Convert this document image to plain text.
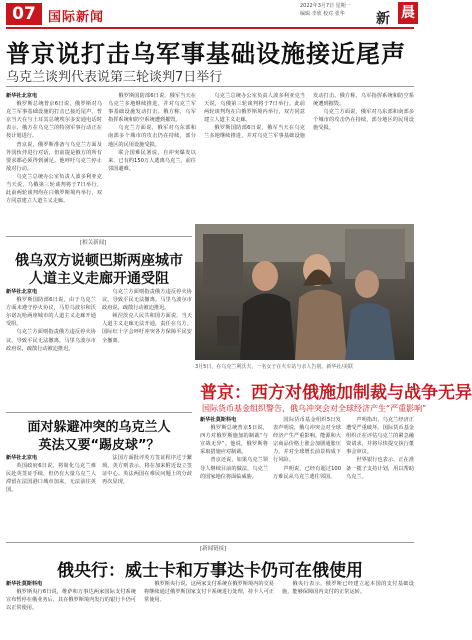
07 国际新闻
2022年3月7日 星期一
编辑 李欣 校对 张华 新 晨
普京说打击乌军事基础设施接近尾声
乌克兰谈判代表说第三轮谈判7日举行

新华社北京电

俄罗斯总统普京6日说，俄罗斯对乌克兰军事基础设施的打击已接近尾声。普京当天在与土耳其总统埃尔多安通电话时表示，俄方在乌克兰的特别军事行动正在按计划进行。

普京说，俄罗斯准备与乌克兰方面及外国伙伴进行对话，但前提是俄方的所有要求都必须得到满足。他呼吁乌克兰停止敌对行动。

乌克兰总统办公室负责人波多利亚克当天说，乌俄第三轮谈判将于7日举行。此前两轮谈判均在白俄罗斯境内举行，双方同意建立人道主义走廊。

俄罗斯国防部6日说，俄军当天在乌克兰多地继续推进，并对乌克兰军事基础设施发动打击。俄方称，乌军指挥系统和防空系统遭到摧毁。

乌克兰方面说，俄军对乌东部和南部多个城市的攻击仍在持续，部分地区的民用设施受损。

联合国难民署说，自冲突爆发以来，已有约150万人逃离乌克兰，前往邻国避难。

乌克兰总统办公室负责人波多利亚克当天说，乌俄第三轮谈判将于7日举行。此前两轮谈判均在白俄罗斯境内举行，双方同意建立人道主义走廊。

俄罗斯国防部6日说，俄军当天在乌克兰多地继续推进，并对乌克兰军事基础设施发动打击。俄方称，乌军指挥系统和防空系统遭到摧毁。

乌克兰方面说，俄军对乌东部和南部多个城市的攻击仍在持续，部分地区的民用设施受损。

[相关新闻]
俄乌双方说顿巴斯两座城市
人道主义走廊开通受阻

新华社北京电

俄罗斯国防部6日说，由于乌克兰方面未遵守停火协议，马里乌波尔和沃尔诺瓦哈两座城市的人道主义走廊开通受阻。

乌克兰方面则指责俄方违反停火协议，导致平民无法撤离。马里乌波尔市政府说，疏散行动被迫推迟。

乌克兰方面则指责俄方违反停火协议，导致平民无法撤离。马里乌波尔市政府说，疏散行动被迫推迟。

顿涅茨克人民共和国方面说，当天人道主义走廊无法开通，责任在乌方。国际红十字会呼吁冲突各方保障平民安全撤离。

面对躲避冲突的乌克兰人
英法又要“踢皮球”？

新华社北京电

英国政府6日说，将简化乌克兰难民赴英签证手续，但仍有大量乌克兰人滞留在法国港口城市加来，无法前往英国。

法国方面批评英方签证程序过于繁琐。英方则表示，将在加来附近设立签证中心。英法两国在难民问题上的分歧再次显现。

3月5日，在乌克兰利沃夫，一名女子在火车站与亲人告别。新华社/美联
普京：西方对俄施加制裁与战争无异
国际货币基金组织警告，俄乌冲突会对全球经济产生“严重影响”

新华社莫斯科电

俄罗斯总统普京5日说，西方对俄罗斯施加的制裁“与宣战无异”。他说，俄罗斯将采取措施应对制裁。

普京还说，如果乌克兰领导人继续目前的做法，乌克兰的国家地位将面临威胁。

国际货币基金组织5日发表声明说，俄乌冲突会对全球经济产生严重影响。能源和大宗商品价格上涨会加剧通胀压力，并对全球增长前景构成下行风险。

声明说，已经有超过100万难民从乌克兰逃往邻国。

声明指出，乌克兰经济正遭受严重破坏。国际货币基金组织正在评估乌克兰的紧急融资请求，并将尽快提交执行董事会审议。

世界银行也表示，正在准备一揽子支持计划，用以帮助乌克兰。

[新闻链接]
俄央行：威士卡和万事达卡仍可在俄使用

新华社莫斯科电

俄罗斯央行6日说，维萨和万事达两家国际支付系统宣布暂停在俄业务后，其在俄罗斯境内发行的银行卡仍可以正常使用。

俄罗斯央行说，这两家支付系统在俄罗斯境内的交易将继续通过俄罗斯国家支付卡系统进行处理，持卡人可正常使用。

俄央行表示，俄罗斯已经建立起本国的支付基础设施，能够保障国内支付的正常运转。
